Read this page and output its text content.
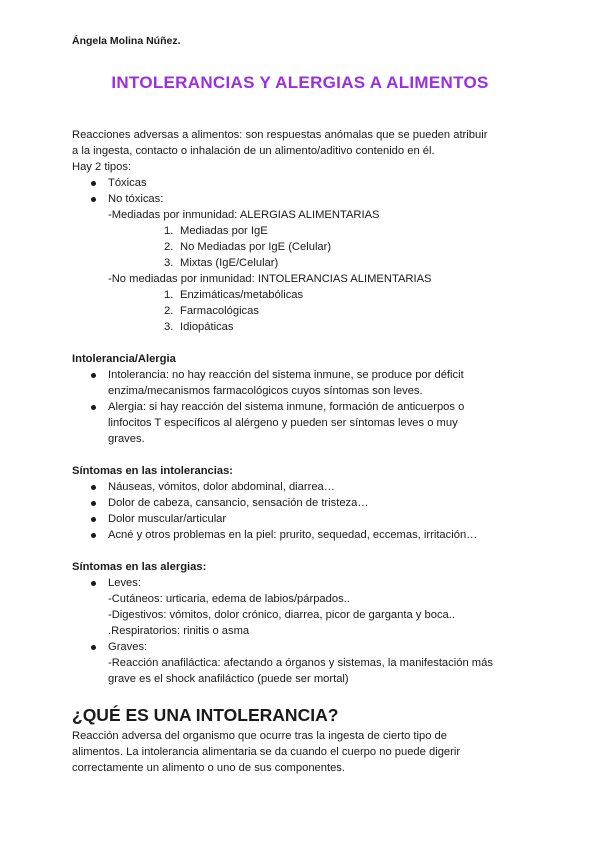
Ángela Molina Núñez.
INTOLERANCIAS Y ALERGIAS A ALIMENTOS

Reacciones adversas a alimentos: son respuestas anómalas que se pueden atribuir

a la ingesta, contacto o inhalación de un alimento/aditivo contenido en él.

Hay 2 tipos:

Tóxicas

No tóxicas:

-Mediadas por inmunidad: ALERGIAS ALIMENTARIAS

1. Mediadas por IgE

2. No Mediadas por IgE (Celular)

3. Mixtas (IgE/Celular)

-No mediadas por inmunidad: INTOLERANCIAS ALIMENTARIAS

1. Enzimáticas/metabólicas

2. Farmacológicas

3. Idiopáticas

Intolerancia/Alergia

Intolerancia: no hay reacción del sistema inmune, se produce por déficit

enzima/mecanismos farmacológicos cuyos síntomas son leves.

Alergia: si hay reacción del sistema inmune, formación de anticuerpos o

linfocitos T específicos al alérgeno y pueden ser síntomas leves o muy

graves.

Síntomas en las intolerancias:

Náuseas, vómitos, dolor abdominal, diarrea…

Dolor de cabeza, cansancio, sensación de tristeza…

Dolor muscular/articular

Acné y otros problemas en la piel: prurito, sequedad, eccemas, irritación…

Síntomas en las alergias:

Leves:

-Cutáneos: urticaria, edema de labios/párpados..

-Digestivos: vómitos, dolor crónico, diarrea, picor de garganta y boca..

.Respiratorios: rinitis o asma

Graves:

-Reacción anafiláctica: afectando a órganos y sistemas, la manifestación más

grave es el shock anafiláctico (puede ser mortal)

¿QUÉ ES UNA INTOLERANCIA?

Reacción adversa del organismo que ocurre tras la ingesta de cierto tipo de

alimentos. La intolerancia alimentaria se da cuando el cuerpo no puede digerir

correctamente un alimento o uno de sus componentes.
